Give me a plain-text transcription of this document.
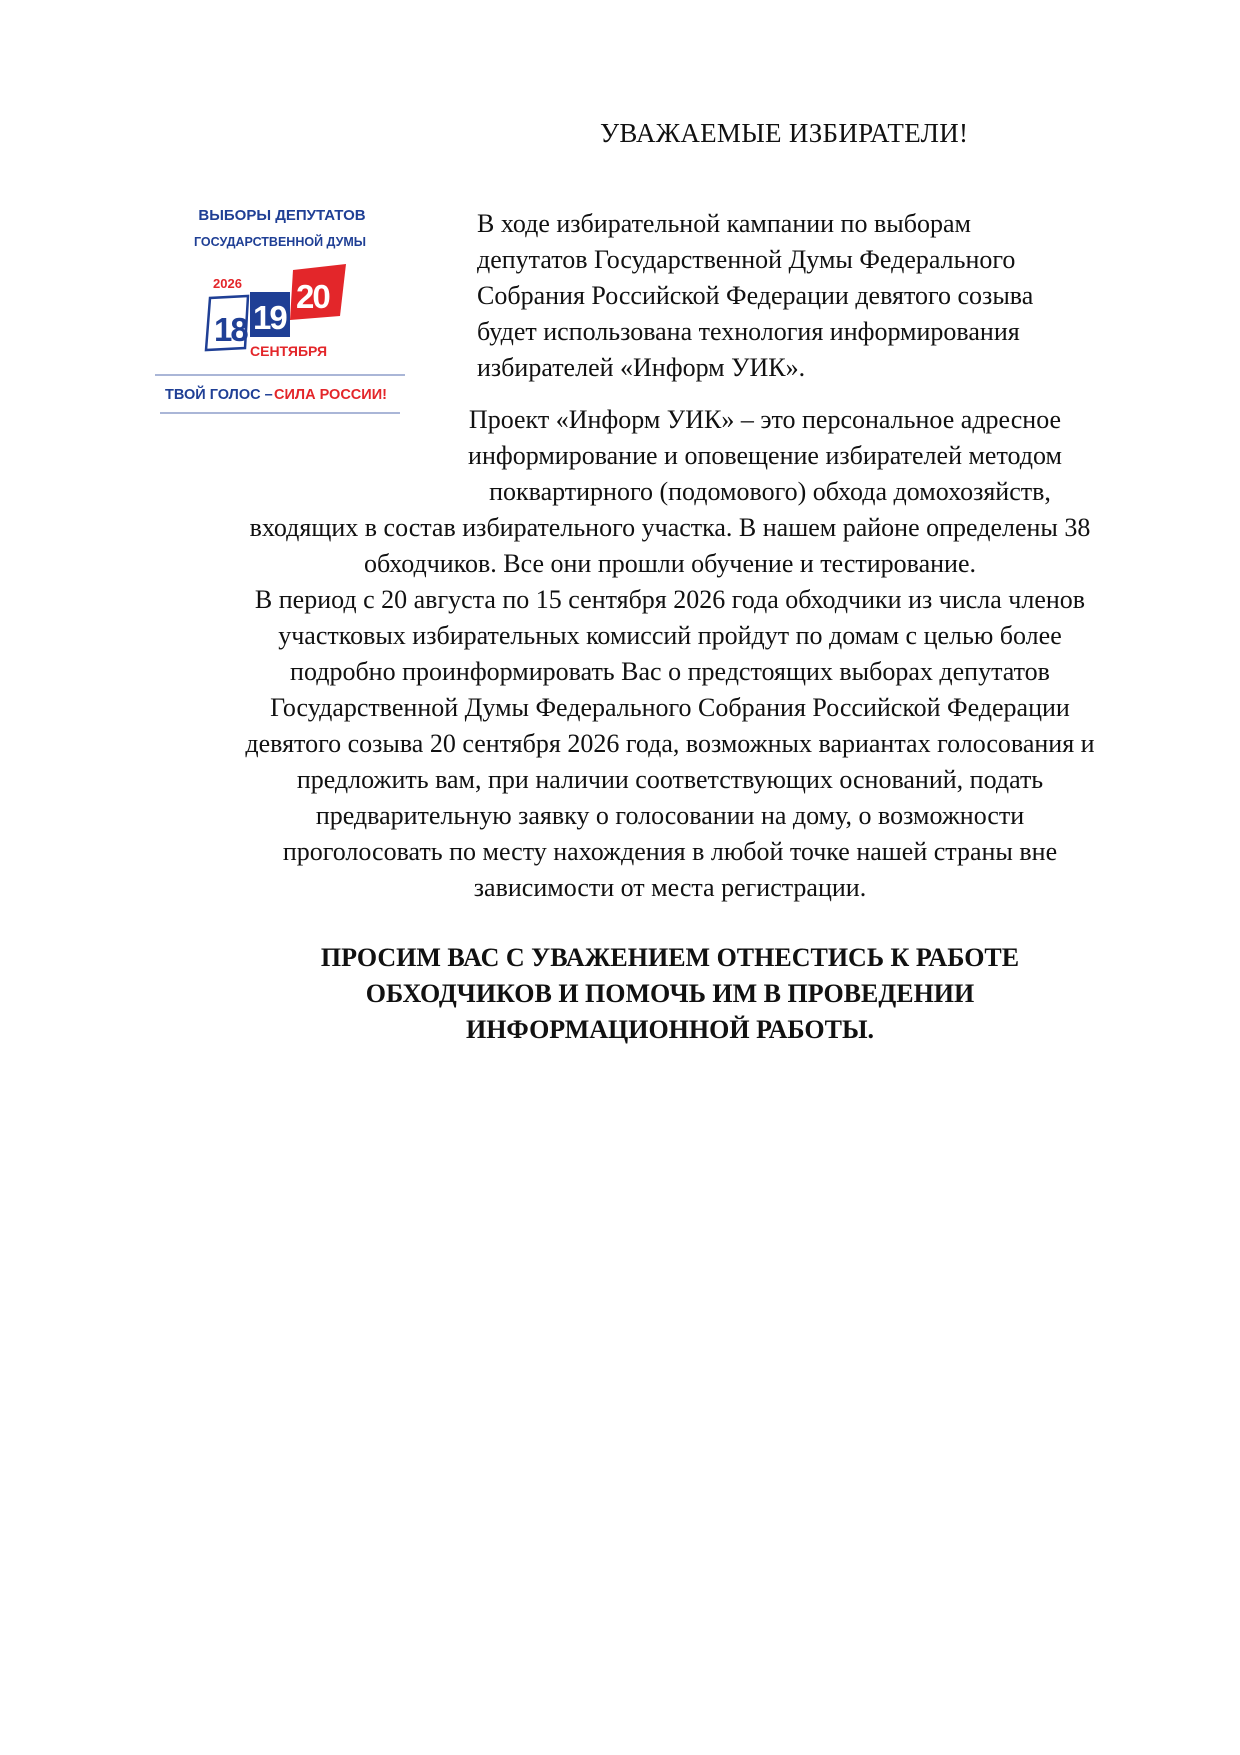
УВАЖАЕМЫЕ ИЗБИРАТЕЛИ!
ВЫБОРЫ ДЕПУТАТОВ
ГОСУДАРСТВЕННОЙ ДУМЫ
2026
18 19
20
СЕНТЯБРЯ
ТВОЙ ГОЛОС – СИЛА РОССИИ!

В ходе избирательной кампании по выборам
депутатов Государственной Думы Федерального
Собрания Российской Федерации девятого созыва
будет использована технология информирования
избирателей «Информ УИК».

Проект «Информ УИК» – это персональное адресное
информирование и оповещение избирателей методом
поквартирного (подомового) обхода домохозяйств,
входящих в состав избирательного участка. В нашем районе определены 38
обходчиков. Все они прошли обучение и тестирование.
В период с 20 августа по 15 сентября 2026 года обходчики из числа членов
участковых избирательных комиссий пройдут по домам с целью более
подробно проинформировать Вас о предстоящих выборах депутатов
Государственной Думы Федерального Собрания Российской Федерации
девятого созыва 20 сентября 2026 года, возможных вариантах голосования и
предложить вам, при наличии соответствующих оснований, подать
предварительную заявку о голосовании на дому, о возможности
проголосовать по месту нахождения в любой точке нашей страны вне
зависимости от места регистрации.

ПРОСИМ ВАС С УВАЖЕНИЕМ ОТНЕСТИСЬ К РАБОТЕ
ОБХОДЧИКОВ И ПОМОЧЬ ИМ В ПРОВЕДЕНИИ
ИНФОРМАЦИОННОЙ РАБОТЫ.
